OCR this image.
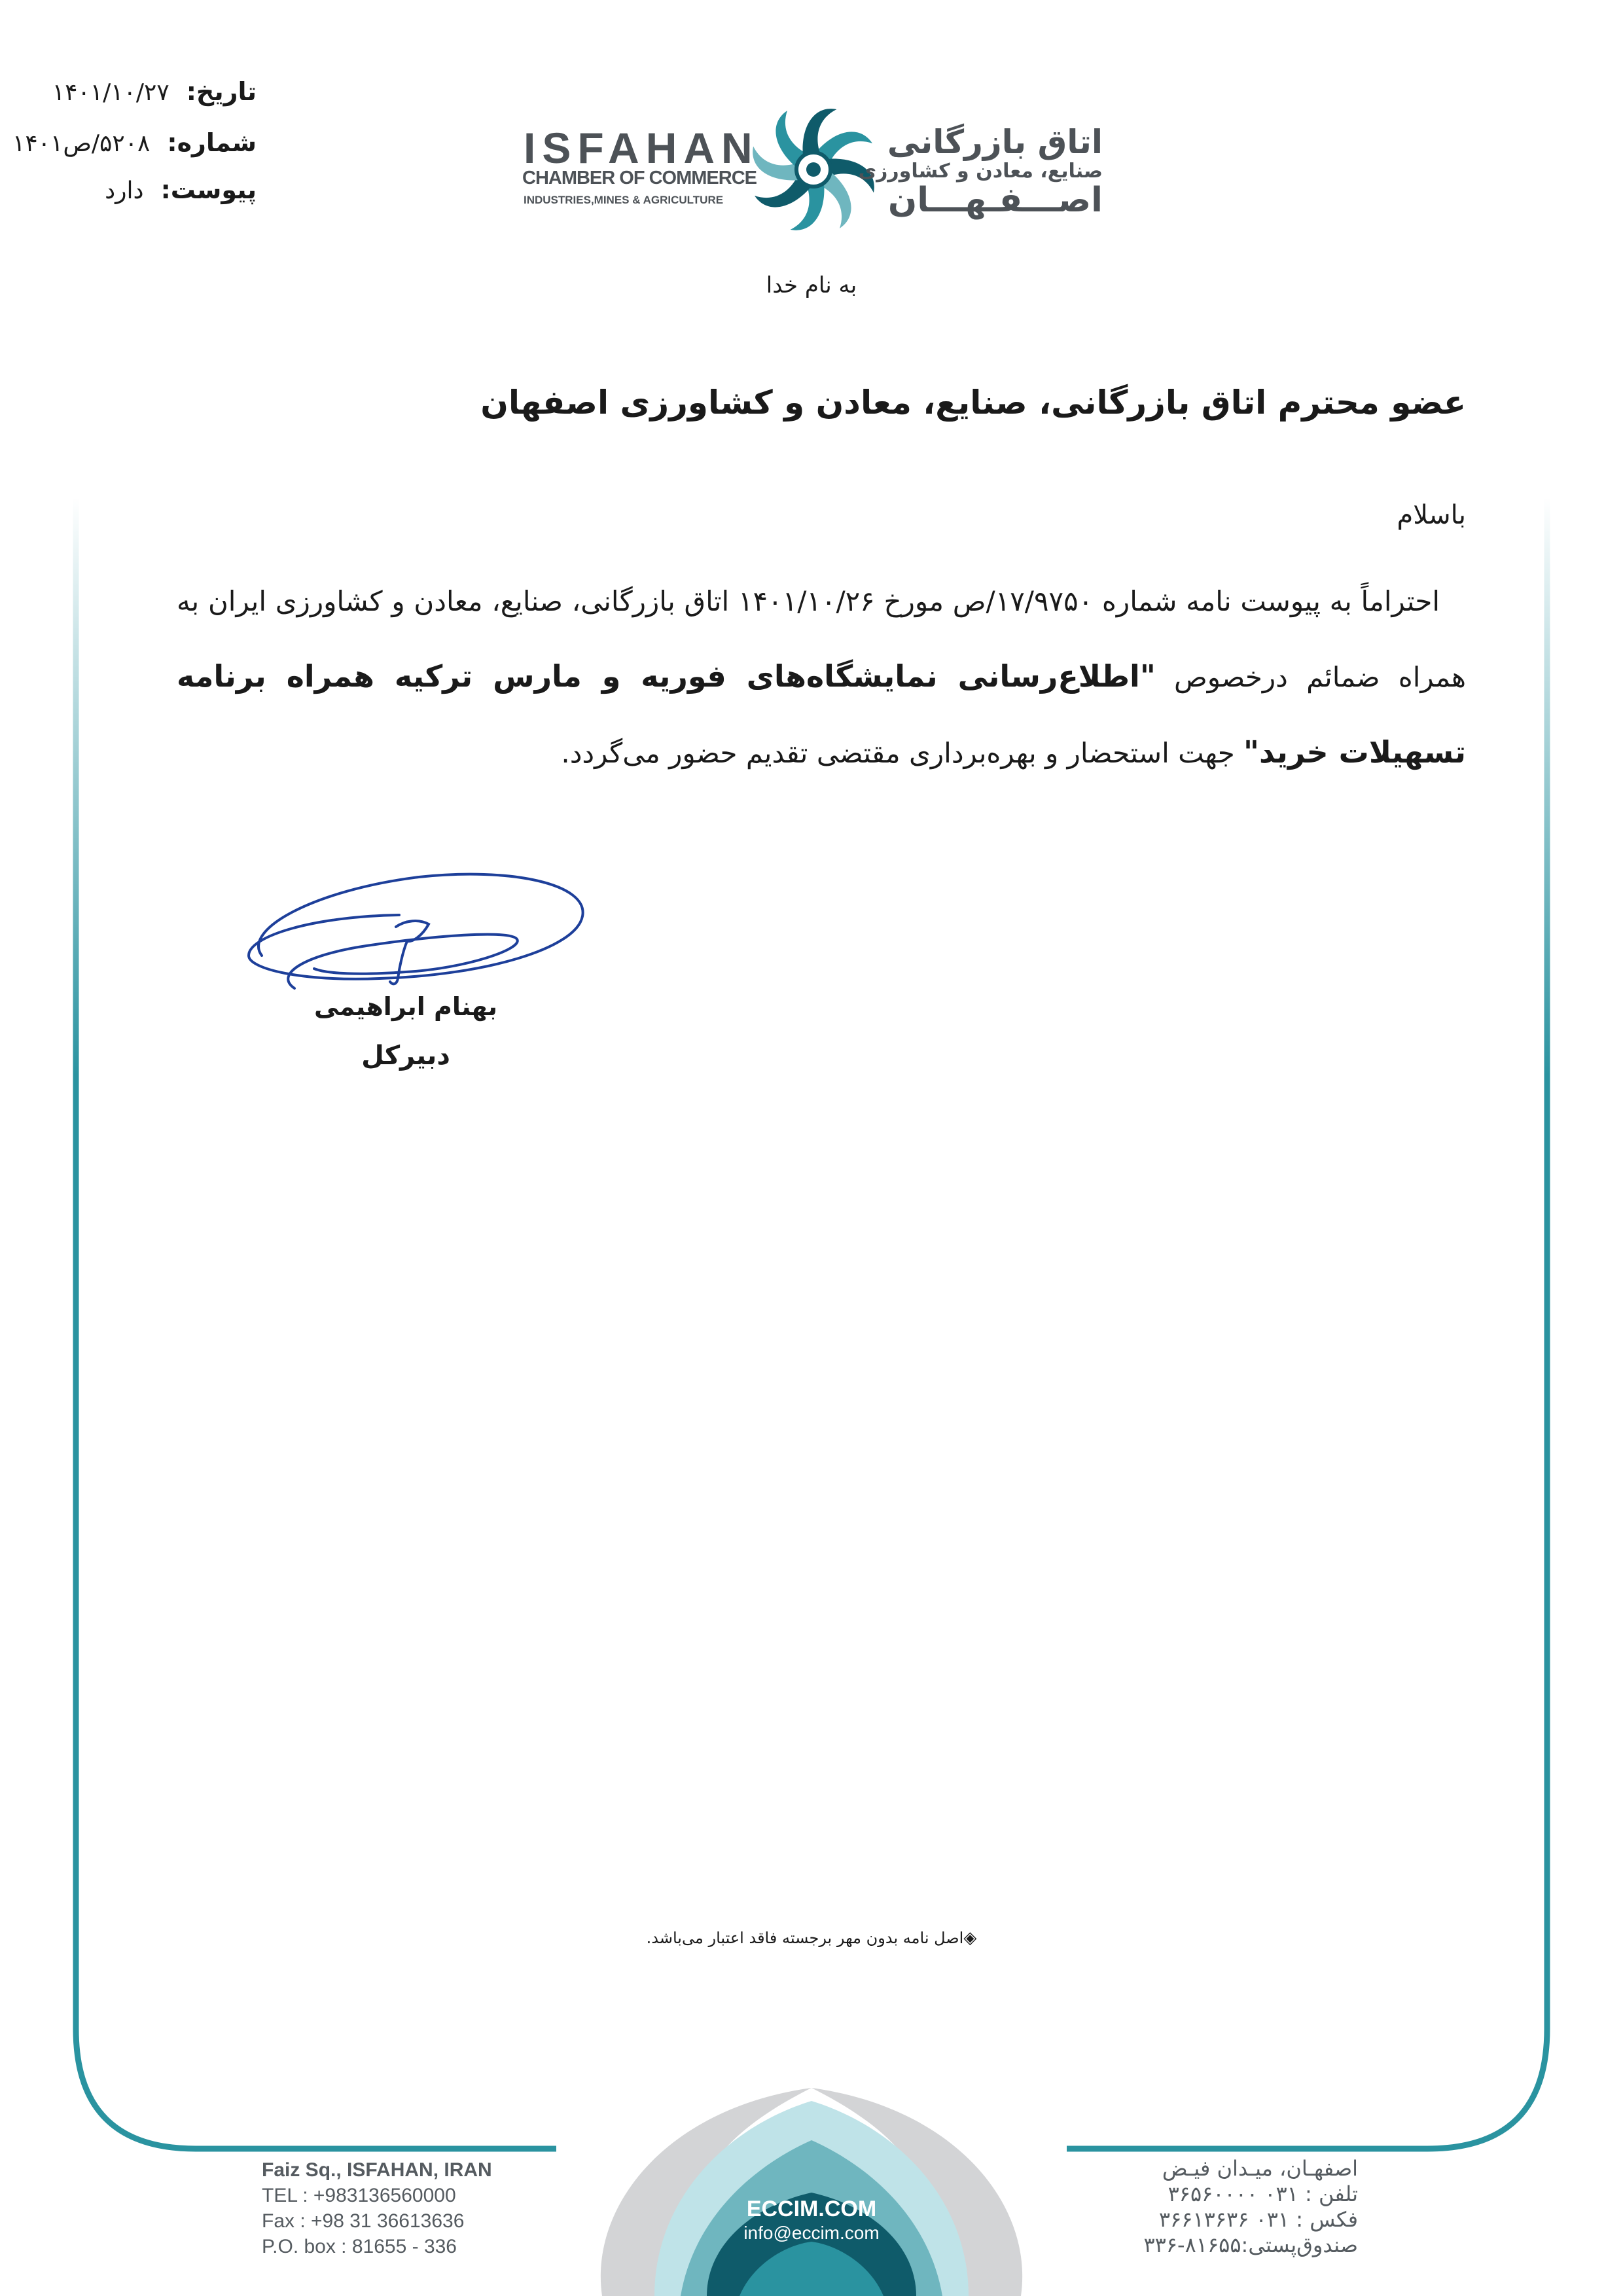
تاریخ:
۱۴۰۱/۱۰/۲۷
شماره:
۵۲۰۸/ص۱۴۰۱
پیوست:
دارد
ISFAHAN
CHAMBER OF COMMERCE
INDUSTRIES,MINES & AGRICULTURE
اتاق بازرگانی
صنایع، معادن و کشاورزی
اصـــفـهـــان
به نام خدا
عضو محترم اتاق بازرگانی، صنایع، معادن و کشاورزی اصفهان
باسلام
احتراماً به پیوست نامه شماره ۱۷/۹۷۵۰/ص مورخ ۱۴۰۱/۱۰/۲۶ اتاق بازرگانی، صنایع، معادن و کشاورزی ایران به همراه ضمائم درخصوص "اطلاع‌رسانی نمایشگاه‌های فوریه و مارس ترکیه همراه برنامه تسهیلات خرید" جهت استحضار و بهره‌برداری مقتضی تقدیم حضور می‌گردد.
بهنام ابراهیمی
دبیرکل
◈اصل نامه بدون مهر برجسته فاقد اعتبار می‌باشد.
ECCIM.COM
info@eccim.com
Faiz Sq., ISFAHAN, IRAN
TEL : +983136560000
Fax : +98 31 36613636
P.O. box : 81655 - 336
اصفهـان، میـدان فیـض
تلفن : ۰۳۱ ۳۶۵۶۰۰۰۰
فکس : ۰۳۱ ۳۶۶۱۳۶۳۶
صندوق‌پستی:۸۱۶۵۵-۳۳۶
